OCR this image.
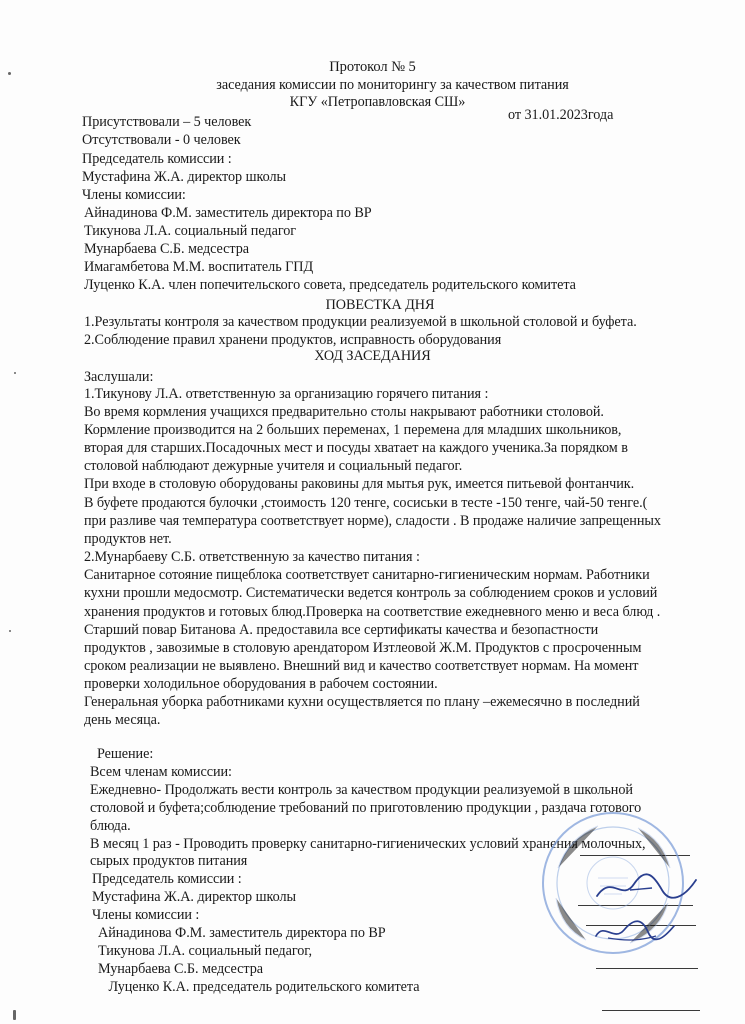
Протокол № 5
заседания комиссии по мониторингу за качеством питания
КГУ «Петропавловская СШ»
от 31.01.2023года
Присутствовали – 5 человек
Отсутствовали - 0 человек
Председатель комиссии :
Мустафина Ж.А. директор школы
Члены комиссии:
Айнадинова Ф.М. заместитель директора по ВР
Тикунова Л.А. социальный педагог
Мунарбаева С.Б. медсестра
Имагамбетова М.М. воспитатель ГПД
Луценко К.А. член попечительского совета, председатель родительского комитета
ПОВЕСТКА ДНЯ
1.Результаты контроля за качеством продукции реализуемой в школьной столовой и буфета.
2.Соблюдение правил хранени продуктов, исправность оборудования
ХОД ЗАСЕДАНИЯ
Заслушали:
1.Тикунову Л.А. ответственную за организацию горячего питания :
Во время кормления учащихся предварительно столы накрывают работники столовой.
Кормление производится на 2 больших переменах, 1 перемена для младших школьников,
вторая для старших.Посадочных мест и посуды хватает на каждого ученика.За порядком в
столовой наблюдают дежурные учителя и социальный педагог.
При входе в столовую оборудованы раковины для мытья рук, имеется питьевой фонтанчик.
В буфете продаются булочки ,стоимость 120 тенге, сосиськи в тесте -150 тенге, чай-50 тенге.(
при разливе чая температура соответствует норме), сладости . В продаже наличие запрещенных
продуктов нет.
2.Мунарбаеву С.Б. ответственную за качество питания :
Санитарное сотояние пищеблока соответствует санитарно-гигиеническим нормам. Работники
кухни прошли медосмотр. Систематически ведется контроль за соблюдением сроков и условий
хранения продуктов и готовых блюд.Проверка на соответствие ежедневного меню и веса блюд .
Старший повар Битанова А. предоставила все сертификаты качества и безопастности
продуктов , завозимые в столовую арендатором Изтлеовой Ж.М. Продуктов с просроченным
сроком реализации не выявлено. Внешний вид и качество соответствует нормам. На момент
проверки холодильное оборудования в рабочем состоянии.
Генеральная уборка работниками кухни осуществляется по плану –ежемесячно в последний
день месяца.
Решение:
Всем членам комиссии:
Ежедневно- Продолжать вести контроль за качеством продукции реализуемой в школьной
столовой и буфета;соблюдение требований по приготовлению продукции , раздача готового
блюда.
В месяц 1 раз - Проводить проверку санитарно-гигиенических условий хранения молочных,
сырых продуктов питания
Председатель комиссии :
Мустафина Ж.А. директор школы
Члены комиссии :
Айнадинова Ф.М. заместитель директора по ВР
Тикунова Л.А. социальный педагог,
Мунарбаева С.Б. медсестра
Луценко К.А. председатель родительского комитета
